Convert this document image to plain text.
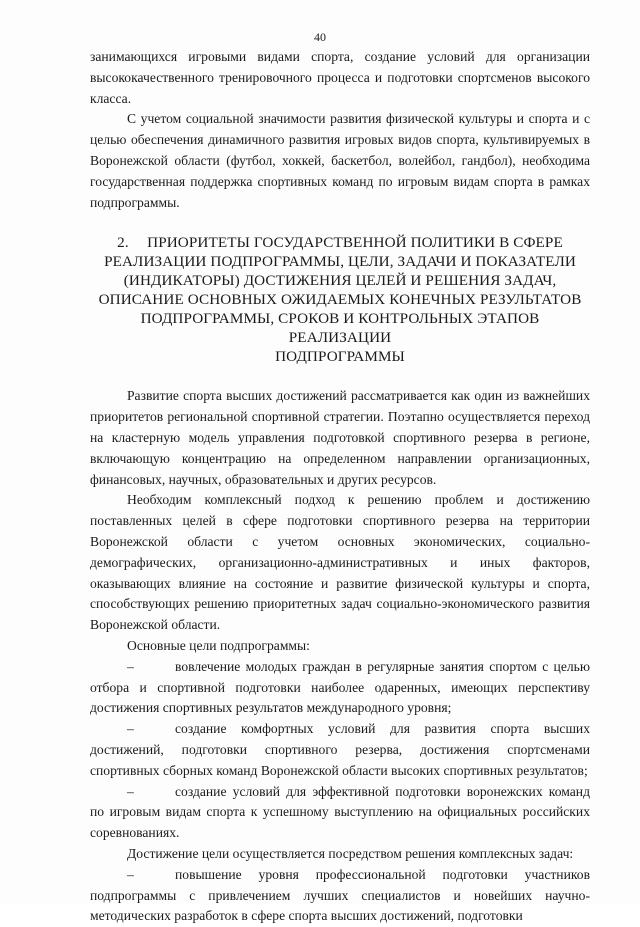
40

занимающихся игровыми видами спорта, создание условий для организации высококачественного тренировочного процесса и подготовки спортсменов высокого класса.

С учетом социальной значимости развития физической культуры и спорта и с целью обеспечения динамичного развития игровых видов спорта, культивируемых в Воронежской области (футбол, хоккей, баскетбол, волейбол, гандбол), необходима государственная поддержка спортивных команд по игровым видам спорта в рамках подпрограммы.

2. ПРИОРИТЕТЫ ГОСУДАРСТВЕННОЙ ПОЛИТИКИ В СФЕРЕ
РЕАЛИЗАЦИИ ПОДПРОГРАММЫ, ЦЕЛИ, ЗАДАЧИ И ПОКАЗАТЕЛИ
(ИНДИКАТОРЫ) ДОСТИЖЕНИЯ ЦЕЛЕЙ И РЕШЕНИЯ ЗАДАЧ,
ОПИСАНИЕ ОСНОВНЫХ ОЖИДАЕМЫХ КОНЕЧНЫХ РЕЗУЛЬТАТОВ
ПОДПРОГРАММЫ, СРОКОВ И КОНТРОЛЬНЫХ ЭТАПОВ РЕАЛИЗАЦИИ
ПОДПРОГРАММЫ

Развитие спорта высших достижений рассматривается как один из важнейших приоритетов региональной спортивной стратегии. Поэтапно осуществляется переход на кластерную модель управления подготовкой спортивного резерва в регионе, включающую концентрацию на определенном направлении организационных, финансовых, научных, образовательных и других ресурсов.

Необходим комплексный подход к решению проблем и достижению поставленных целей в сфере подготовки спортивного резерва на территории Воронежской области с учетом основных экономических, социально-демографических, организационно-административных и иных факторов, оказывающих влияние на состояние и развитие физической культуры и спорта, способствующих решению приоритетных задач социально-экономического развития Воронежской области.

Основные цели подпрограммы:

–	вовлечение молодых граждан в регулярные занятия спортом с целью отбора и спортивной подготовки наиболее одаренных, имеющих перспективу достижения спортивных результатов международного уровня;

–	создание комфортных условий для развития спорта высших достижений, подготовки спортивного резерва, достижения спортсменами спортивных сборных команд Воронежской области высоких спортивных результатов;

–	создание условий для эффективной подготовки воронежских команд по игровым видам спорта к успешному выступлению на официальных российских соревнованиях.

Достижение цели осуществляется посредством решения комплексных задач:

–	повышение уровня профессиональной подготовки участников подпрограммы с привлечением лучших специалистов и новейших научно-методических разработок в сфере спорта высших достижений, подготовки
